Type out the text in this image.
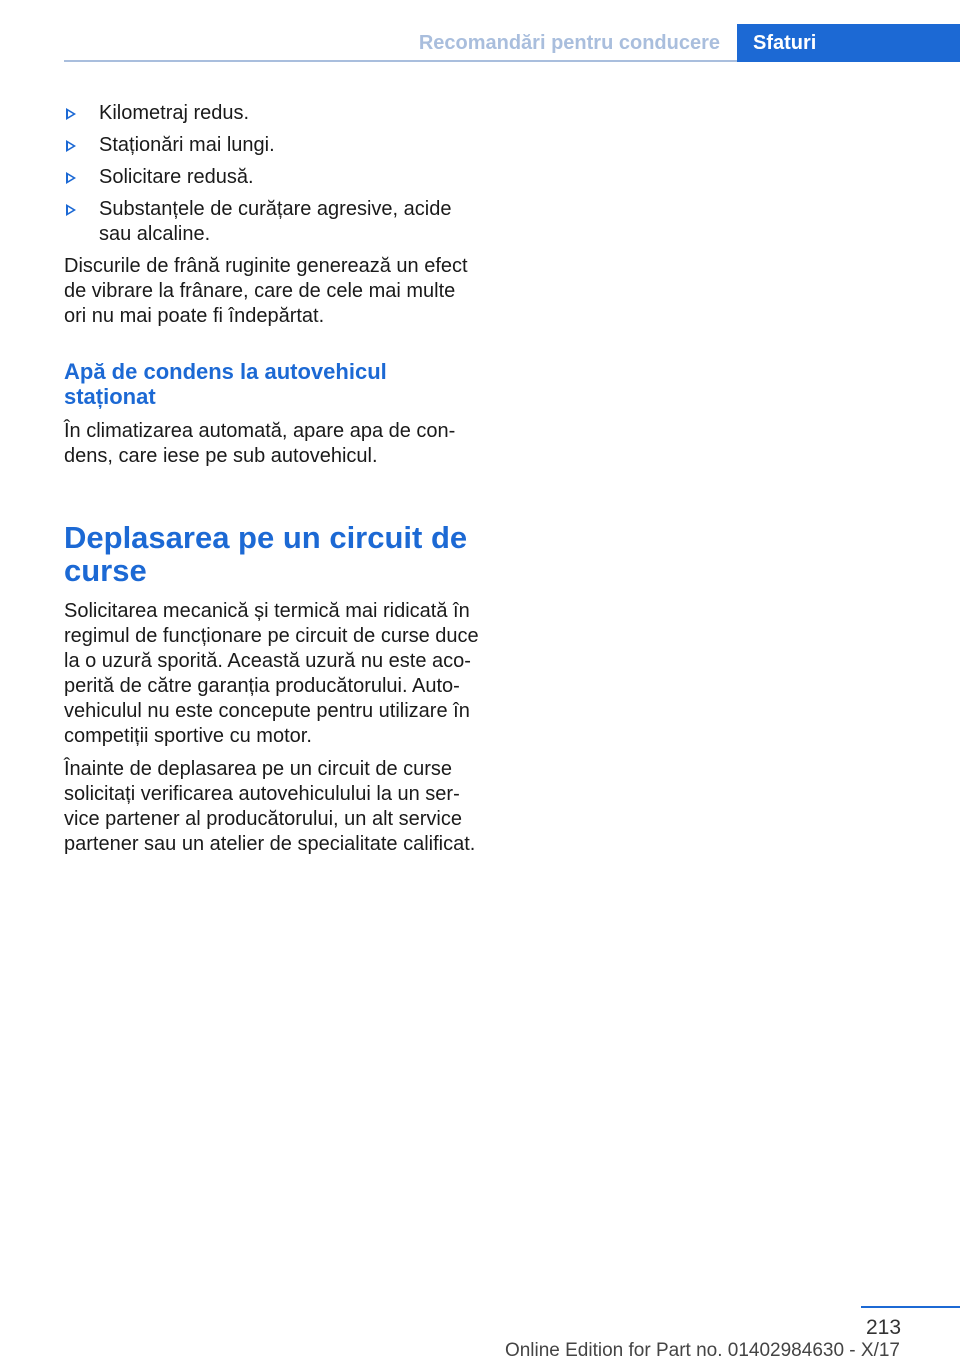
Recomandări pentru conducere	Sfaturi
Kilometraj redus.
Staționări mai lungi.
Solicitare redusă.
Substanțele de curățare agresive, acide sau alcaline.

Discurile de frână ruginite generează un efect de vibrare la frânare, care de cele mai multe ori nu mai poate fi îndepărtat.

Apă de condens la autovehicul staționat

În climatizarea automată, apare apa de con‐ dens, care iese pe sub autovehicul.

Deplasarea pe un circuit de curse

Solicitarea mecanică și termică mai ridicată în regimul de funcționare pe circuit de curse duce la o uzură sporită. Această uzură nu este aco‐ perită de către garanția producătorului. Auto‐ vehiculul nu este concepute pentru utilizare în competiții sportive cu motor.

Înainte de deplasarea pe un circuit de curse solicitați verificarea autovehiculului la un ser‐ vice partener al producătorului, un alt service partener sau un atelier de specialitate calificat.

213
Online Edition for Part no. 01402984630 - X/17
